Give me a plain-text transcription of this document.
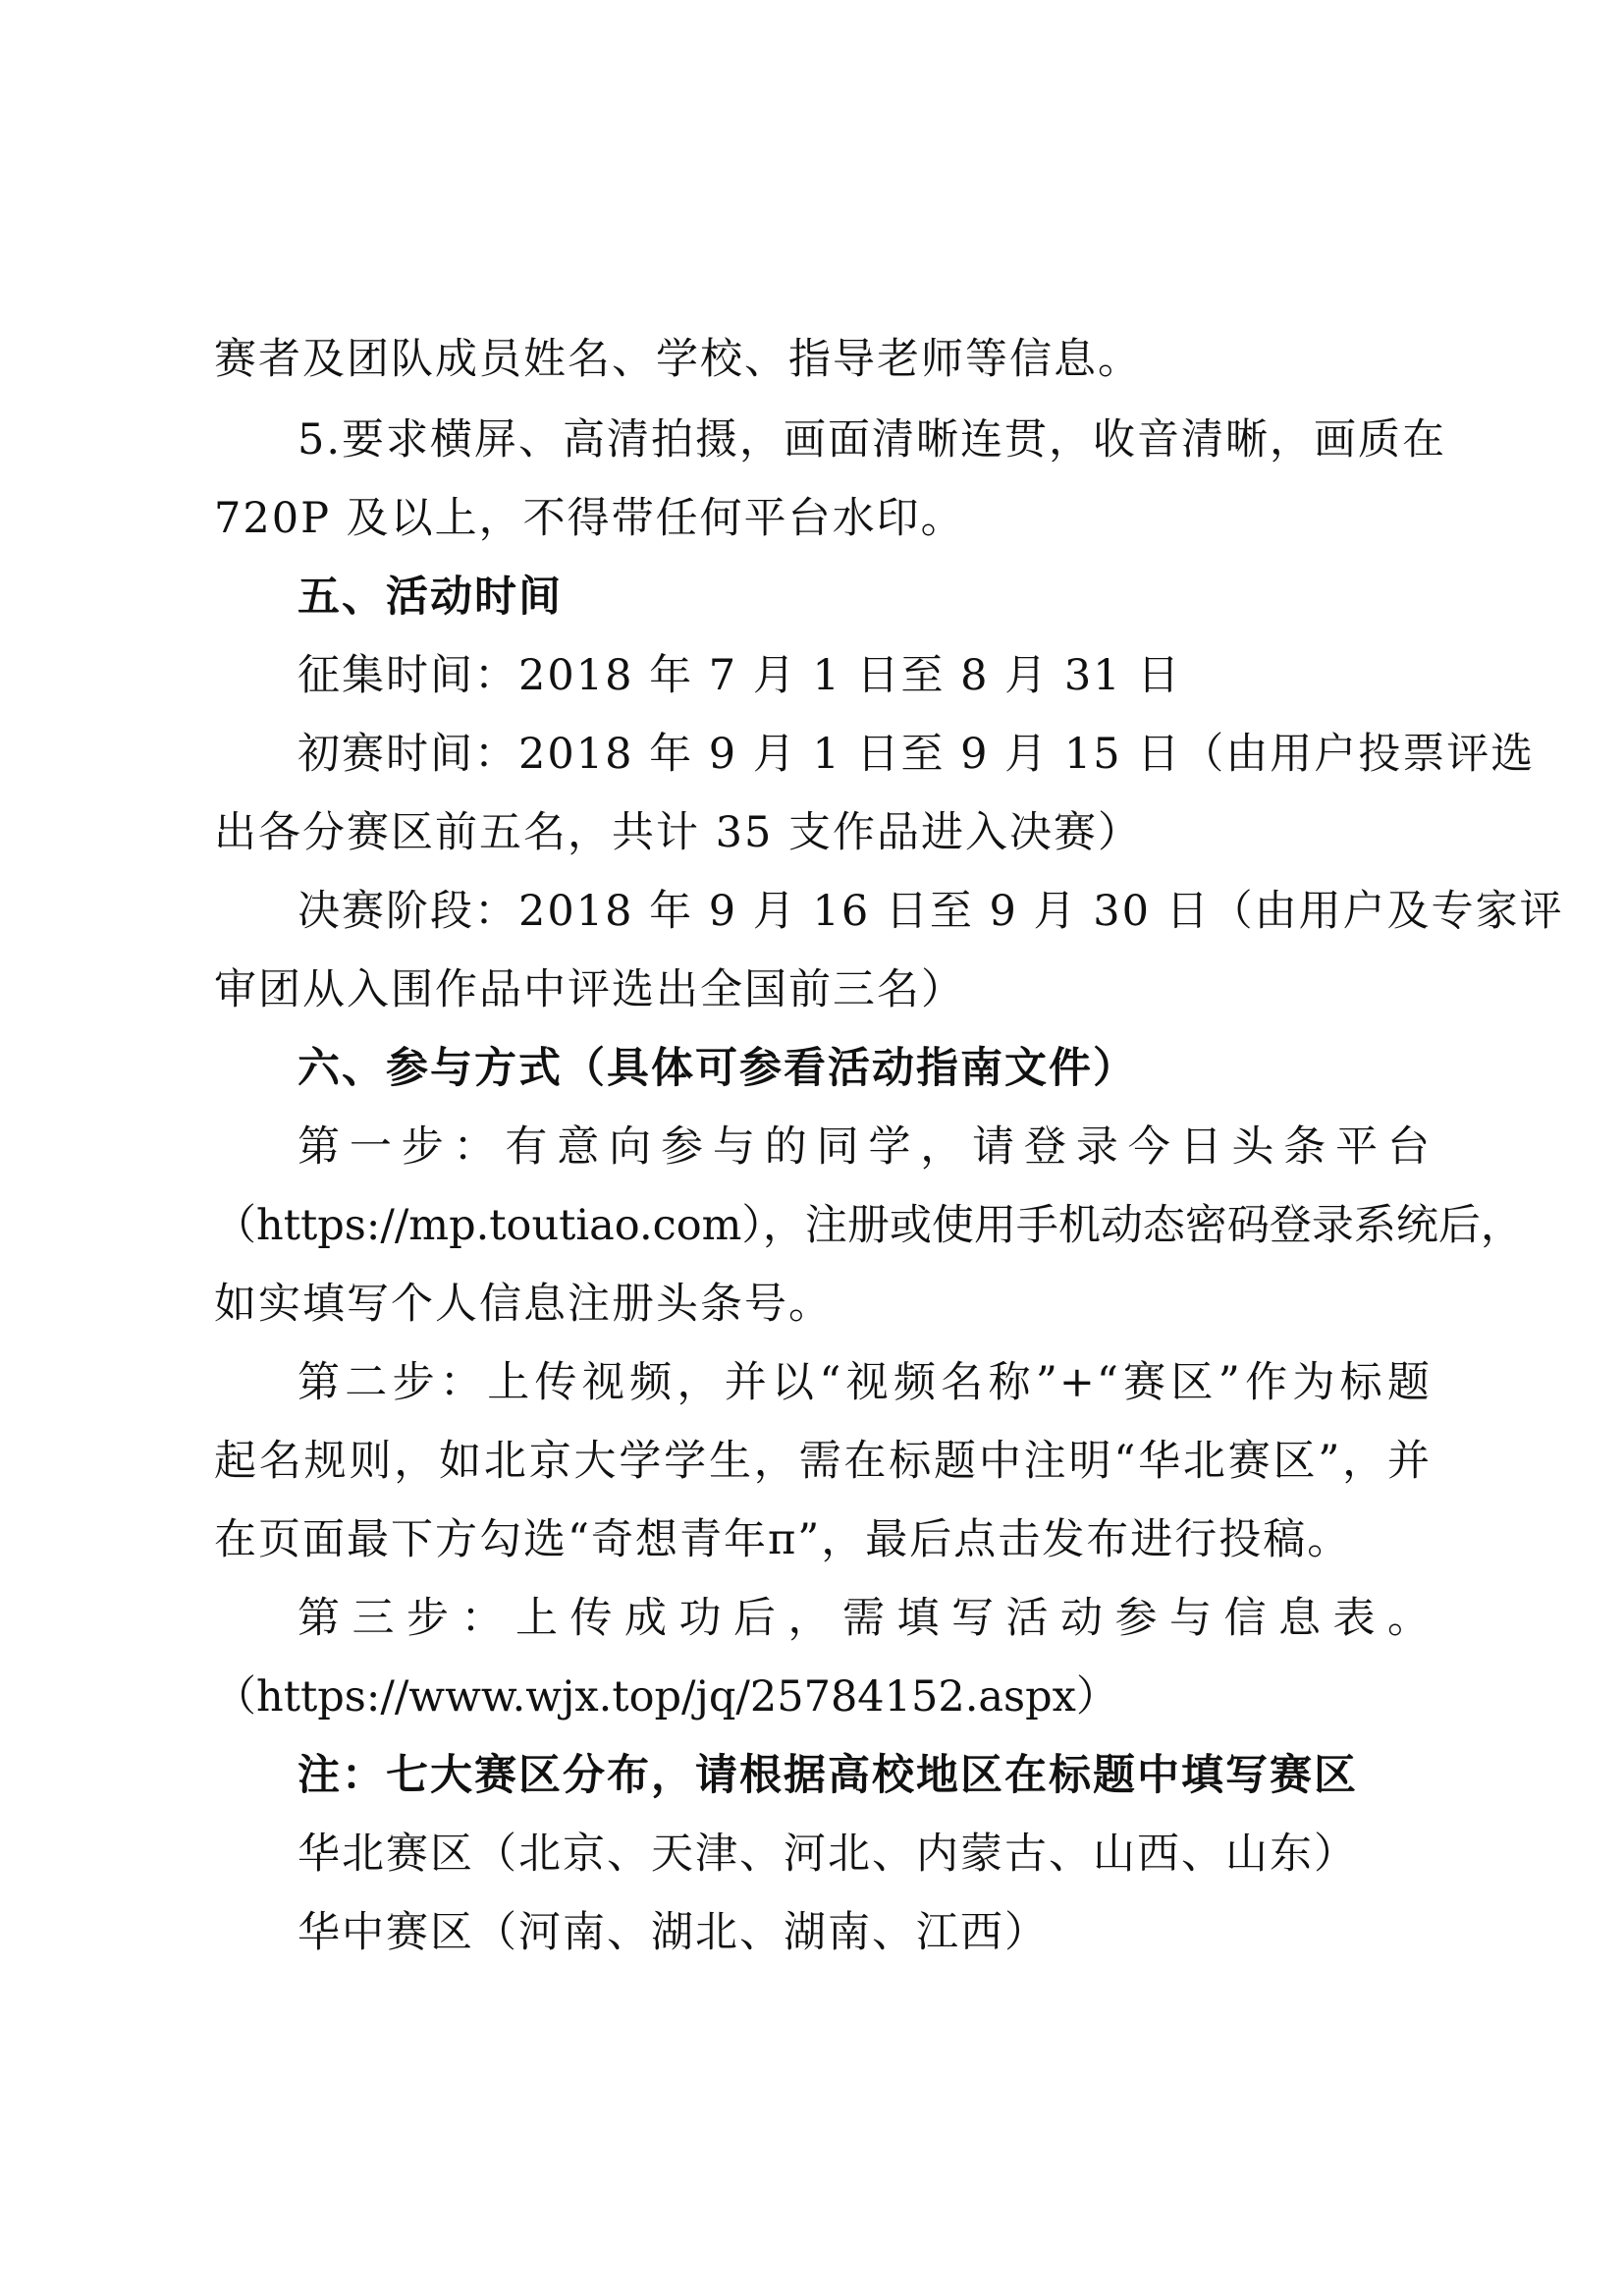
赛者及团队成员姓名、学校、指导老师等信息。
5.要求横屏、高清拍摄，画面清晰连贯，收音清晰，画质在
720P 及以上，不得带任何平台水印。
五、活动时间
征集时间：2018 年 7 月 1 日至 8 月 31 日
初赛时间：2018 年 9 月 1 日至 9 月 15 日（由用户投票评选
出各分赛区前五名，共计 35 支作品进入决赛）
决赛阶段：2018 年 9 月 16 日至 9 月 30 日（由用户及专家评
审团从入围作品中评选出全国前三名）
六、参与方式（具体可参看活动指南文件）
第一步：有意向参与的同学，请登录今日头条平台
（https://mp.toutiao.com），注册或使用手机动态密码登录系统后，
如实填写个人信息注册头条号。
第二步：上传视频，并以“视频名称”+“赛区”作为标题
起名规则，如北京大学学生，需在标题中注明“华北赛区”，并
在页面最下方勾选“奇想青年π”，最后点击发布进行投稿。
第三步：上传成功后，需填写活动参与信息表。
（https://www.wjx.top/jq/25784152.aspx）
注：七大赛区分布，请根据高校地区在标题中填写赛区
华北赛区（北京、天津、河北、内蒙古、山西、山东）
华中赛区（河南、湖北、湖南、江西）
